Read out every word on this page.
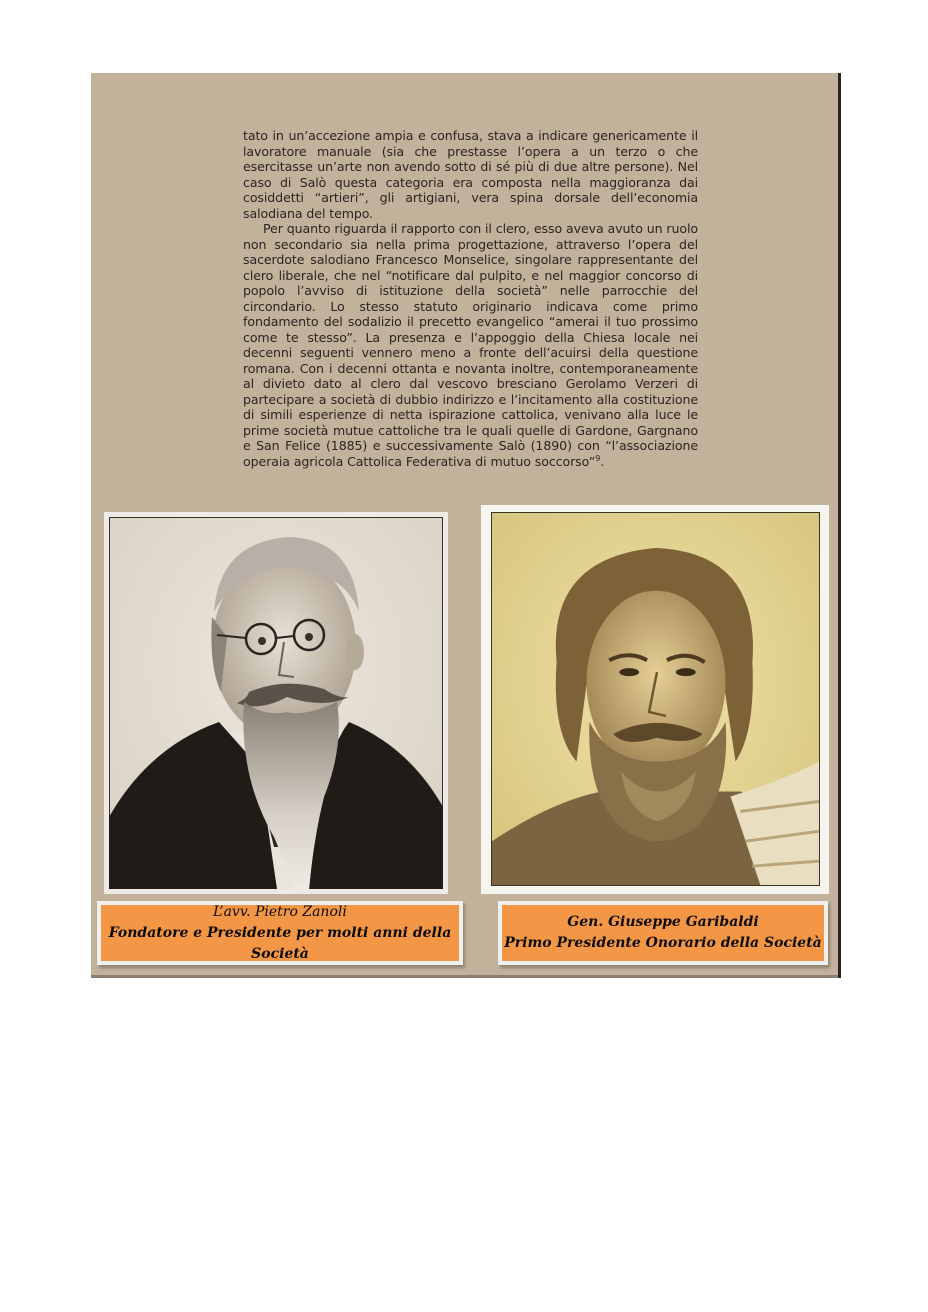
tato in un’accezione ampia e confusa, stava a indicare genericamente il lavoratore manuale (sia che prestasse l’opera a un terzo o che esercitasse un’arte non avendo sotto di sé più di due altre persone). Nel caso di Salò questa categoria era composta nella maggioranza dai cosiddetti “artieri”, gli artigiani, vera spina dorsale dell’economia salodiana del tempo.

Per quanto riguarda il rapporto con il clero, esso aveva avuto un ruolo non secondario sia nella prima progettazione, attraverso l’opera del sacerdote salodiano Francesco Monselice, singolare rappresentante del clero liberale, che nel “notificare dal pulpito, e nel maggior concorso di popolo l’avviso di istituzione della società” nelle parrocchie del circondario. Lo stesso statuto originario indicava come primo fondamento del sodalizio il precetto evangelico “amerai il tuo prossimo come te stesso”. La presenza e l’appoggio della Chiesa locale nei decenni seguenti vennero meno a fronte dell’acuirsi della questione romana. Con i decenni ottanta e novanta inoltre, contemporaneamente al divieto dato al clero dal vescovo bresciano Gerolamo Verzeri di partecipare a società di dubbio indirizzo e l’incitamento alla costituzione di simili esperienze di netta ispirazione cattolica, venivano alla luce le prime società mutue cattoliche tra le quali quelle di Gardone, Gargnano e San Felice (1885) e successivamente Salò (1890) con “l’associazione operaia agricola Cattolica Federativa di mutuo soccorso”$^9$.

L’avv. Pietro Zanoli
Fondatore e Presidente per molti anni della Società
Gen. Giuseppe Garibaldi
Primo Presidente Onorario della Società
